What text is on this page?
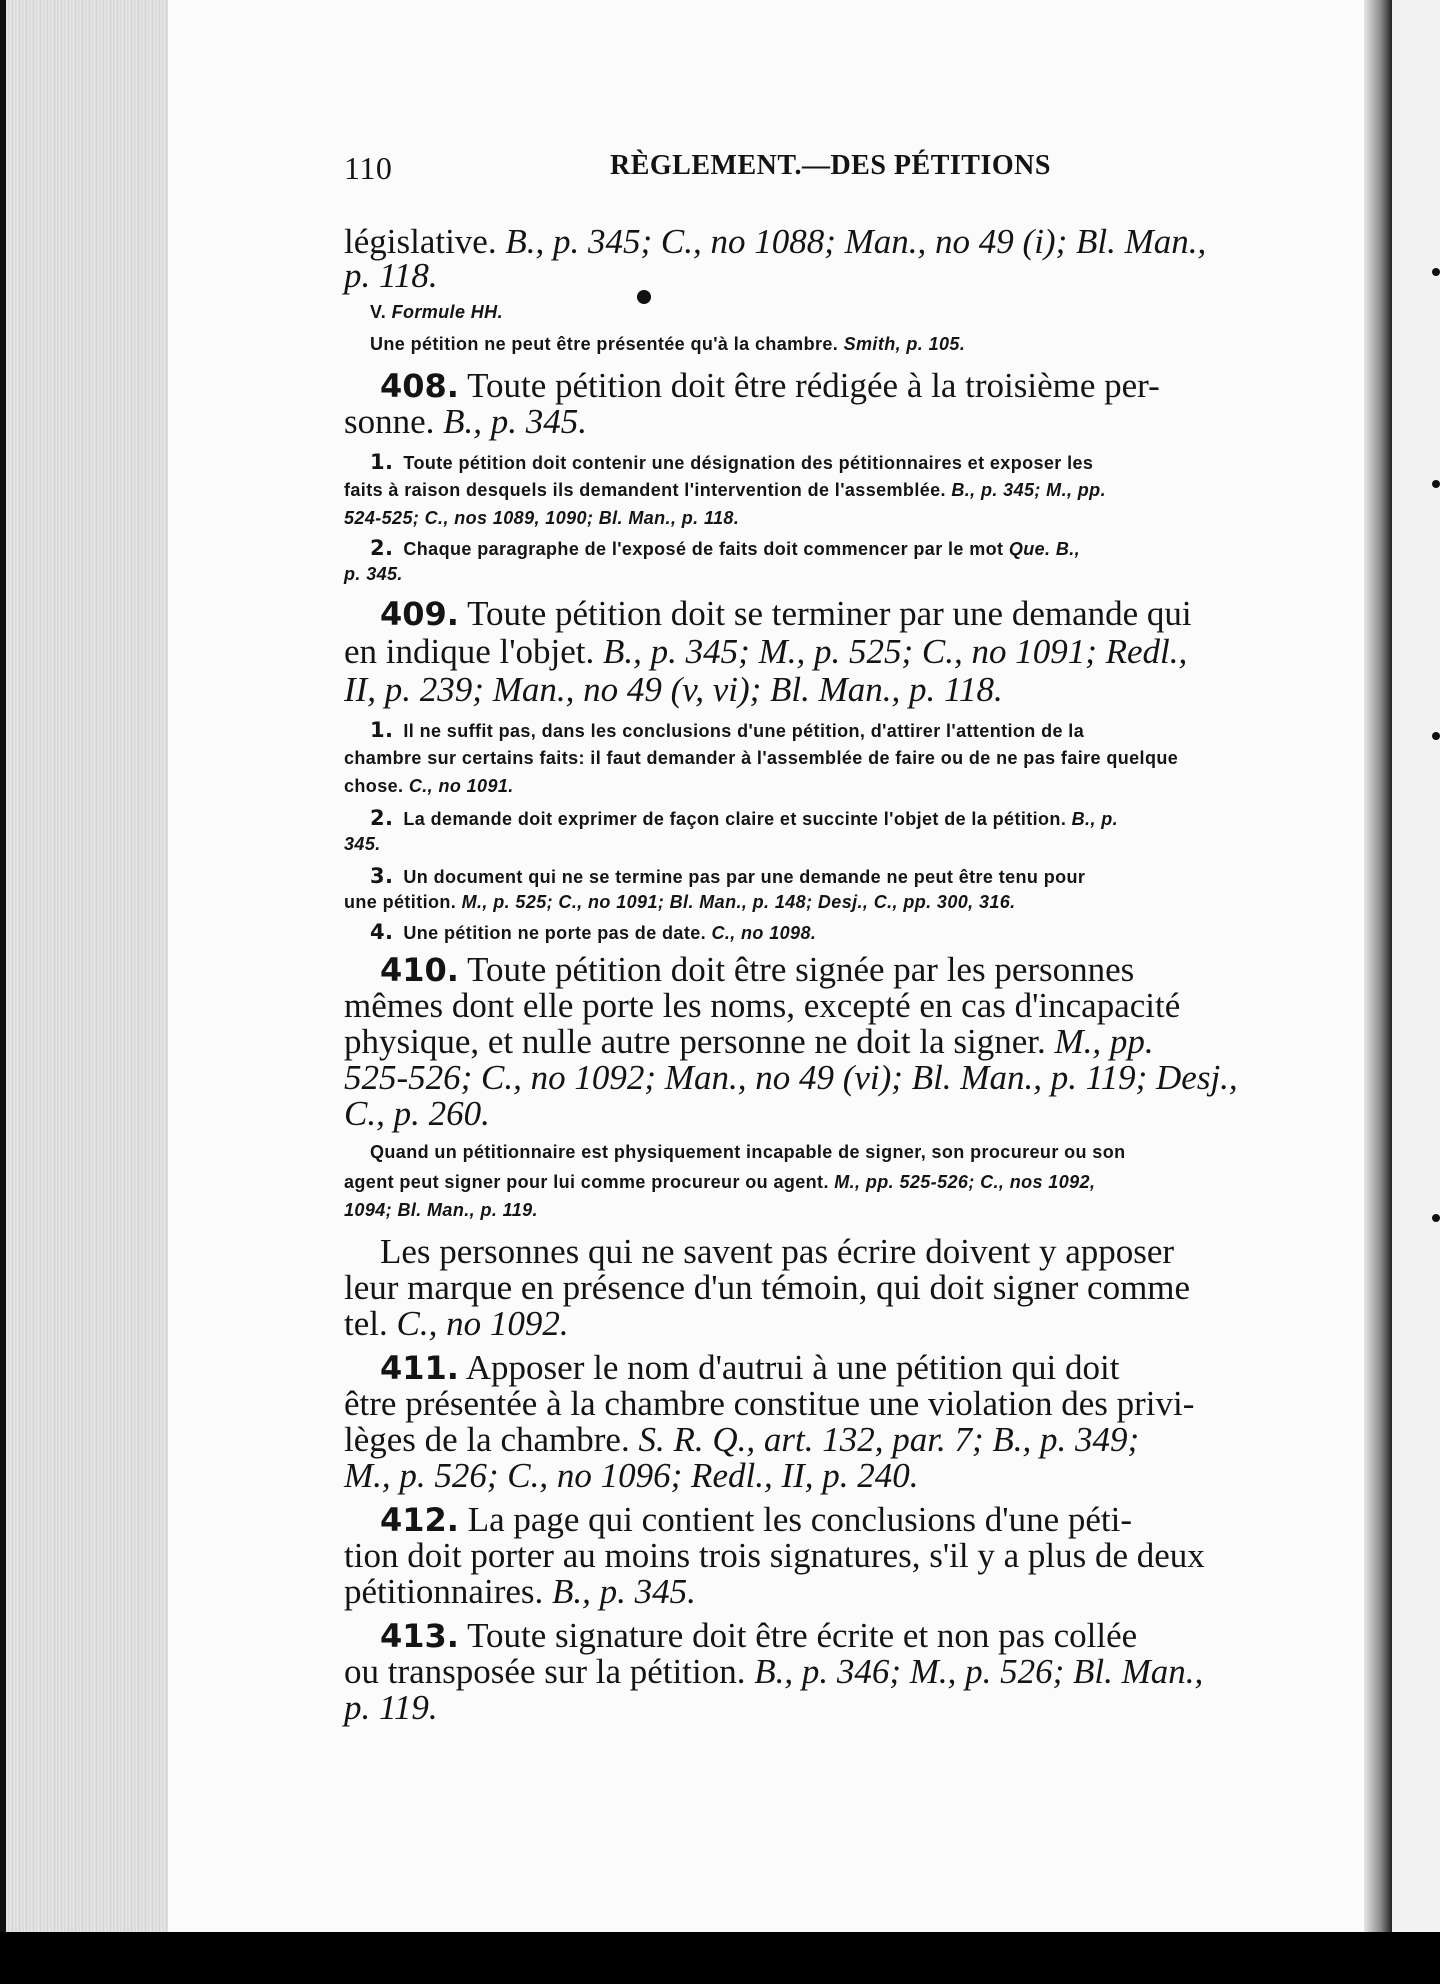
110	RÈGLEMENT.—DES PÉTITIONS
législative. B., p. 345; C., no 1088; Man., no 49 (i); Bl. Man.,
p. 118.
V. Formule HH.
Une pétition ne peut être présentée qu'à la chambre. Smith, p. 105.
408. Toute pétition doit être rédigée à la troisième per-
sonne. B., p. 345.
1. Toute pétition doit contenir une désignation des pétitionnaires et exposer les
faits à raison desquels ils demandent l'intervention de l'assemblée. B., p. 345; M., pp.
524-525; C., nos 1089, 1090; Bl. Man., p. 118.
2. Chaque paragraphe de l'exposé de faits doit commencer par le mot Que. B.,
p. 345.
409. Toute pétition doit se terminer par une demande qui
en indique l'objet. B., p. 345; M., p. 525; C., no 1091; Redl.,
II, p. 239; Man., no 49 (v, vi); Bl. Man., p. 118.
1. Il ne suffit pas, dans les conclusions d'une pétition, d'attirer l'attention de la
chambre sur certains faits: il faut demander à l'assemblée de faire ou de ne pas faire quelque
chose. C., no 1091.
2. La demande doit exprimer de façon claire et succinte l'objet de la pétition. B., p.
345.
3. Un document qui ne se termine pas par une demande ne peut être tenu pour
une pétition. M., p. 525; C., no 1091; Bl. Man., p. 148; Desj., C., pp. 300, 316.
4. Une pétition ne porte pas de date. C., no 1098.
410. Toute pétition doit être signée par les personnes
mêmes dont elle porte les noms, excepté en cas d'incapacité
physique, et nulle autre personne ne doit la signer. M., pp.
525-526; C., no 1092; Man., no 49 (vi); Bl. Man., p. 119; Desj.,
C., p. 260.
Quand un pétitionnaire est physiquement incapable de signer, son procureur ou son
agent peut signer pour lui comme procureur ou agent. M., pp. 525-526; C., nos 1092,
1094; Bl. Man., p. 119.
Les personnes qui ne savent pas écrire doivent y apposer
leur marque en présence d'un témoin, qui doit signer comme
tel. C., no 1092.
411. Apposer le nom d'autrui à une pétition qui doit
être présentée à la chambre constitue une violation des privi-
lèges de la chambre. S. R. Q., art. 132, par. 7; B., p. 349;
M., p. 526; C., no 1096; Redl., II, p. 240.
412. La page qui contient les conclusions d'une péti-
tion doit porter au moins trois signatures, s'il y a plus de deux
pétitionnaires. B., p. 345.
413. Toute signature doit être écrite et non pas collée
ou transposée sur la pétition. B., p. 346; M., p. 526; Bl. Man.,
p. 119.
